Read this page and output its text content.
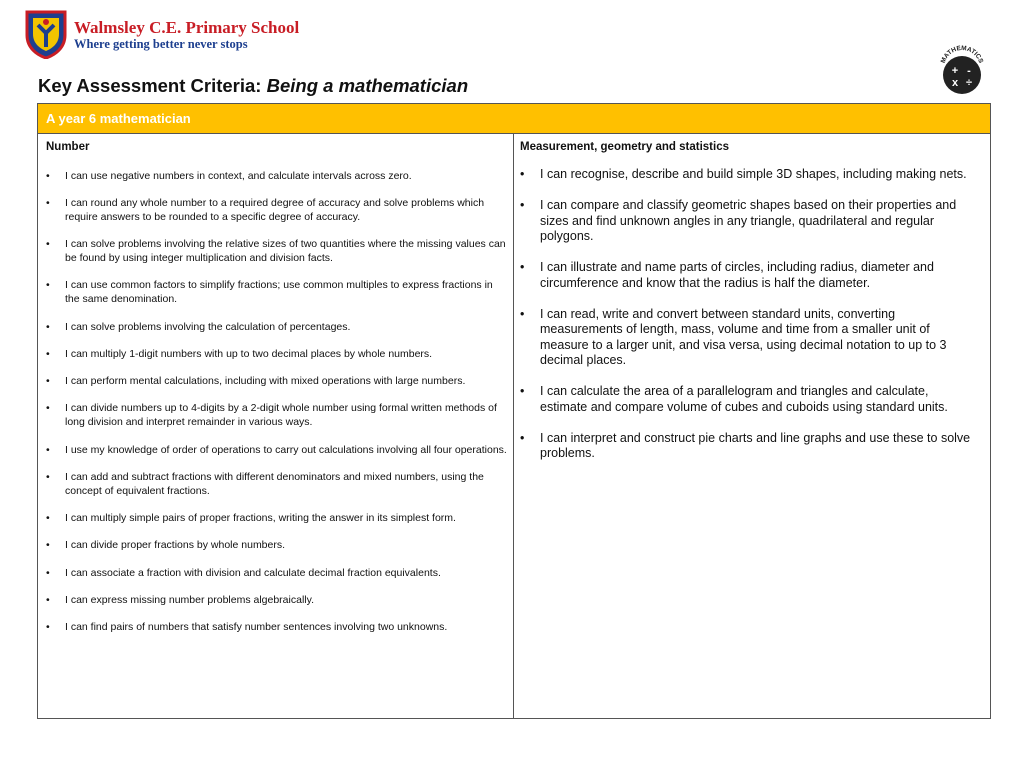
Walmsley C.E. Primary School
Where getting better never stops
MATHEMATICS
+ -
x ÷
Key Assessment Criteria: Being a mathematician
A year 6 mathematician
Number
• I can use negative numbers in context, and calculate intervals across zero.
• I can round any whole number to a required degree of accuracy and solve problems which require answers to be rounded to a specific degree of accuracy.
• I can solve problems involving the relative sizes of two quantities where the missing values can be found by using integer multiplication and division facts.
• I can use common factors to simplify fractions; use common multiples to express fractions in the same denomination.
• I can solve problems involving the calculation of percentages.
• I can multiply 1-digit numbers with up to two decimal places by whole numbers.
• I can perform mental calculations, including with mixed operations with large numbers.
• I can divide numbers up to 4-digits by a 2-digit whole number using formal written methods of long division and interpret remainder in various ways.
• I use my knowledge of order of operations to carry out calculations involving all four operations.
• I can add and subtract fractions with different denominators and mixed numbers, using the concept of equivalent fractions.
• I can multiply simple pairs of proper fractions, writing the answer in its simplest form.
• I can divide proper fractions by whole numbers.
• I can associate a fraction with division and calculate decimal fraction equivalents.
• I can express missing number problems algebraically.
• I can find pairs of numbers that satisfy number sentences involving two unknowns.
Measurement, geometry and statistics
• I can recognise, describe and build simple 3D shapes, including making nets.
• I can compare and classify geometric shapes based on their properties and sizes and find unknown angles in any triangle, quadrilateral and regular polygons.
• I can illustrate and name parts of circles, including radius, diameter and circumference and know that the radius is half the diameter.
• I can read, write and convert between standard units, converting measurements of length, mass, volume and time from a smaller unit of measure to a larger unit, and visa versa, using decimal notation to up to 3 decimal places.
• I can calculate the area of a parallelogram and triangles and calculate, estimate and compare volume of cubes and cuboids using standard units.
• I can interpret and construct pie charts and line graphs and use these to solve problems.
